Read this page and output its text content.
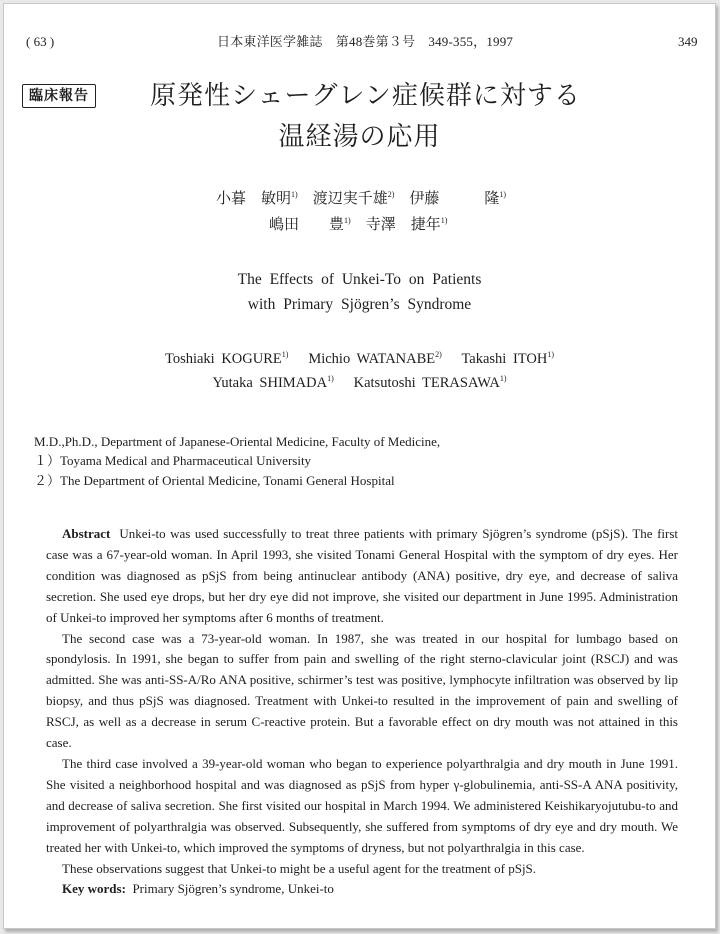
( 63 )	日本東洋医学雑誌　第48巻第３号　349-355，1997	349
臨床報告	原発性シェーグレン症候群に対する
温経湯の応用
小暮　敏明$^{1)}$　 渡辺実千雄$^{2)}$　 伊藤　　　隆$^{1)}$
嶋田　　豊$^{1)}$　 寺澤　捷年$^{1)}$
The Effects of Unkei-To on Patients
with Primary Sjögren’s Syndrome
Toshiaki KOGURE$^{1)}$ Michio WATANABE$^{2)}$ Takashi ITOH$^{1)}$
Yutaka SHIMADA$^{1)}$ Katsutoshi TERASAWA$^{1)}$
M.D.,Ph.D., Department of Japanese-Oriental Medicine, Faculty of Medicine,
１）Toyama Medical and Pharmaceutical University
２）The Department of Oriental Medicine, Tonami General Hospital

Abstract Unkei-to was used successfully to treat three patients with primary Sjögren’s syndrome (pSjS). The first case was a 67-year-old woman. In April 1993, she visited Tonami General Hospital with the symptom of dry eyes. Her condition was diagnosed as pSjS from being antinuclear antibody (ANA) positive, dry eye, and decrease of saliva secretion. She used eye drops, but her dry eye did not improve, she visited our department in June 1995. Administration of Unkei-to improved her symptoms after 6 months of treatment.

The second case was a 73-year-old woman. In 1987, she was treated in our hospital for lumbago based on spondylosis. In 1991, she began to suffer from pain and swelling of the right sterno-clavicular joint (RSCJ) and was admitted. She was anti-SS-A/Ro ANA positive, schirmer’s test was positive, lymphocyte infiltration was observed by lip biopsy, and thus pSjS was diagnosed. Treatment with Unkei-to resulted in the improvement of pain and swelling of RSCJ, as well as a decrease in serum C-reactive protein. But a favorable effect on dry mouth was not attained in this case.

The third case involved a 39-year-old woman who began to experience polyarthralgia and dry mouth in June 1991. She visited a neighborhood hospital and was diagnosed as pSjS from hyper γ-globulinemia, anti-SS-A ANA positivity, and decrease of saliva secretion. She first visited our hospital in March 1994. We administered Keishikaryojutubu-to and improvement of polyarthralgia was observed. Subsequently, she suffered from symptoms of dry eye and dry mouth. We treated her with Unkei-to, which improved the symptoms of dryness, but not polyarthralgia in this case.

These observations suggest that Unkei-to might be a useful agent for the treatment of pSjS.

Key words: Primary Sjögren’s syndrome, Unkei-to
